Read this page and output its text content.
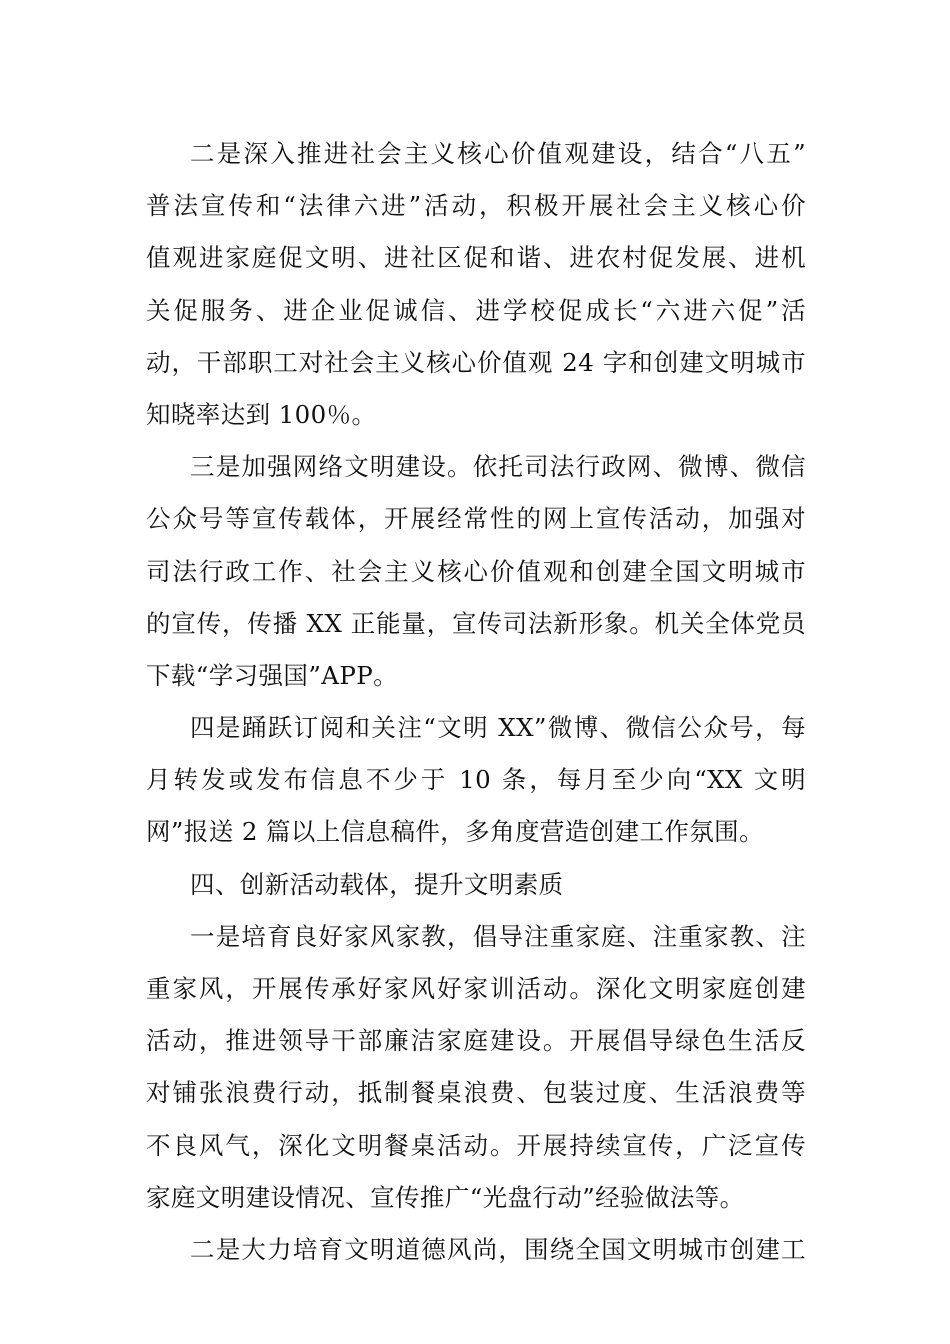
二是深入推进社会主义核心价值观建设，结合“八五”
普法宣传和“法律六进”活动，积极开展社会主义核心价
值观进家庭促文明、进社区促和谐、进农村促发展、进机
关促服务、进企业促诚信、进学校促成长“六进六促”活
动，干部职工对社会主义核心价值观 24 字和创建文明城市
知晓率达到 100％。
三是加强网络文明建设。依托司法行政网、微博、微信
公众号等宣传载体，开展经常性的网上宣传活动，加强对
司法行政工作、社会主义核心价值观和创建全国文明城市
的宣传，传播 XX 正能量，宣传司法新形象。机关全体党员
下载“学习强国”APP。
四是踊跃订阅和关注“文明 XX”微博、微信公众号，每
月转发或发布信息不少于 10 条，每月至少向“XX 文明
网”报送 2 篇以上信息稿件，多角度营造创建工作氛围。
四、创新活动载体，提升文明素质
一是培育良好家风家教，倡导注重家庭、注重家教、注
重家风，开展传承好家风好家训活动。深化文明家庭创建
活动，推进领导干部廉洁家庭建设。开展倡导绿色生活反
对铺张浪费行动，抵制餐桌浪费、包装过度、生活浪费等
不良风气，深化文明餐桌活动。开展持续宣传，广泛宣传
家庭文明建设情况、宣传推广“光盘行动”经验做法等。
二是大力培育文明道德风尚，围绕全国文明城市创建工
